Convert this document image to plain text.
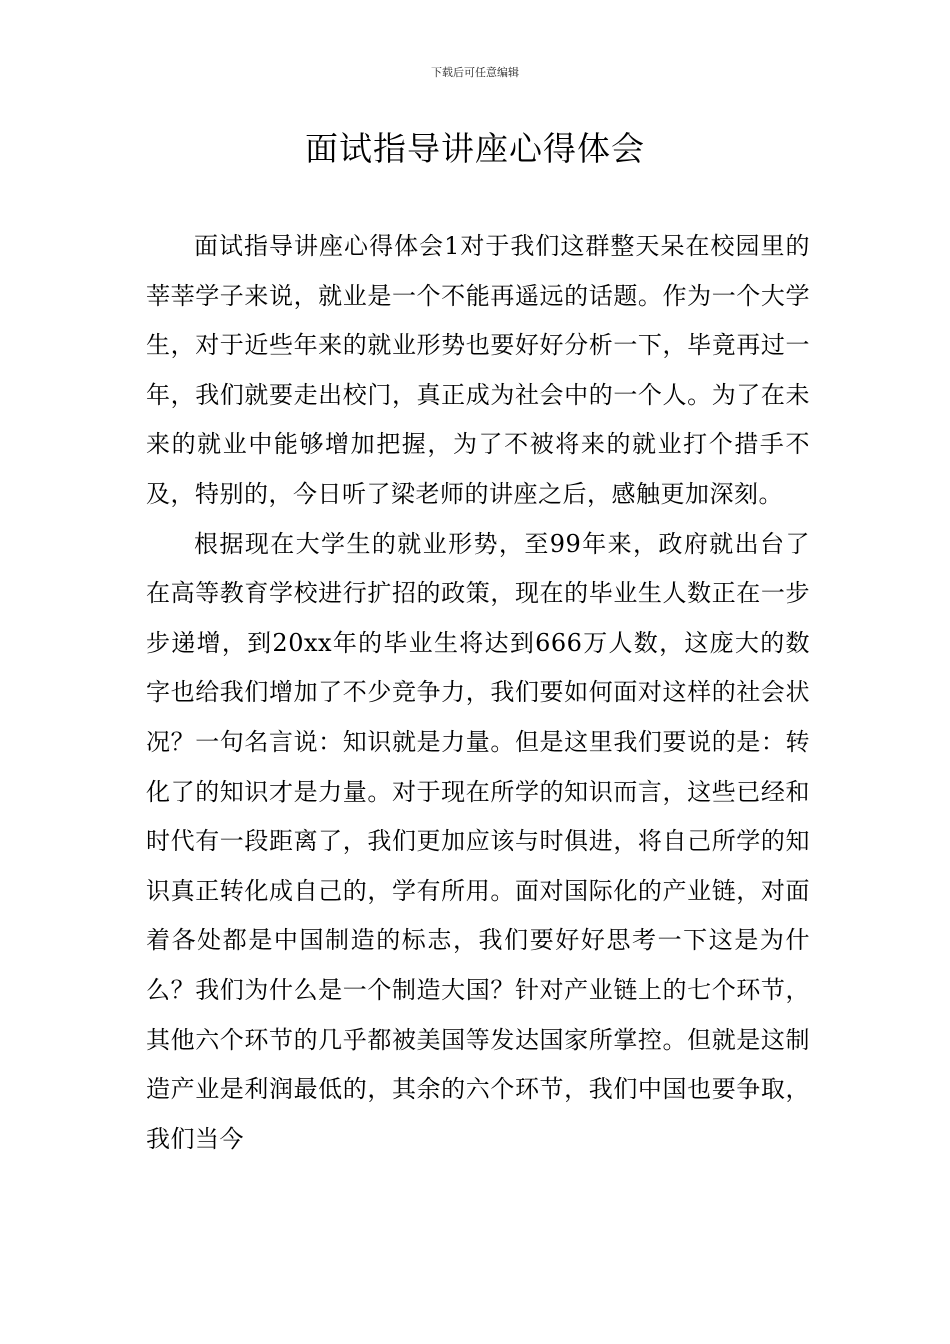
下载后可任意编辑
面试指导讲座心得体会

面试指导讲座心得体会1对于我们这群整天呆在校园里的莘莘学子来说，就业是一个不能再遥远的话题。作为一个大学生，对于近些年来的就业形势也要好好分析一下，毕竟再过一年，我们就要走出校门，真正成为社会中的一个人。为了在未来的就业中能够增加把握，为了不被将来的就业打个措手不及，特别的，今日听了梁老师的讲座之后，感触更加深刻。

根据现在大学生的就业形势，至99年来，政府就出台了在高等教育学校进行扩招的政策，现在的毕业生人数正在一步步递增，到20xx年的毕业生将达到666万人数，这庞大的数字也给我们增加了不少竞争力，我们要如何面对这样的社会状况？一句名言说：知识就是力量。但是这里我们要说的是：转化了的知识才是力量。对于现在所学的知识而言，这些已经和时代有一段距离了，我们更加应该与时俱进，将自己所学的知识真正转化成自己的，学有所用。面对国际化的产业链，对面着各处都是中国制造的标志，我们要好好思考一下这是为什么？我们为什么是一个制造大国？针对产业链上的七个环节，其他六个环节的几乎都被美国等发达国家所掌控。但就是这制造产业是利润最低的，其余的六个环节，我们中国也要争取，我们当今
